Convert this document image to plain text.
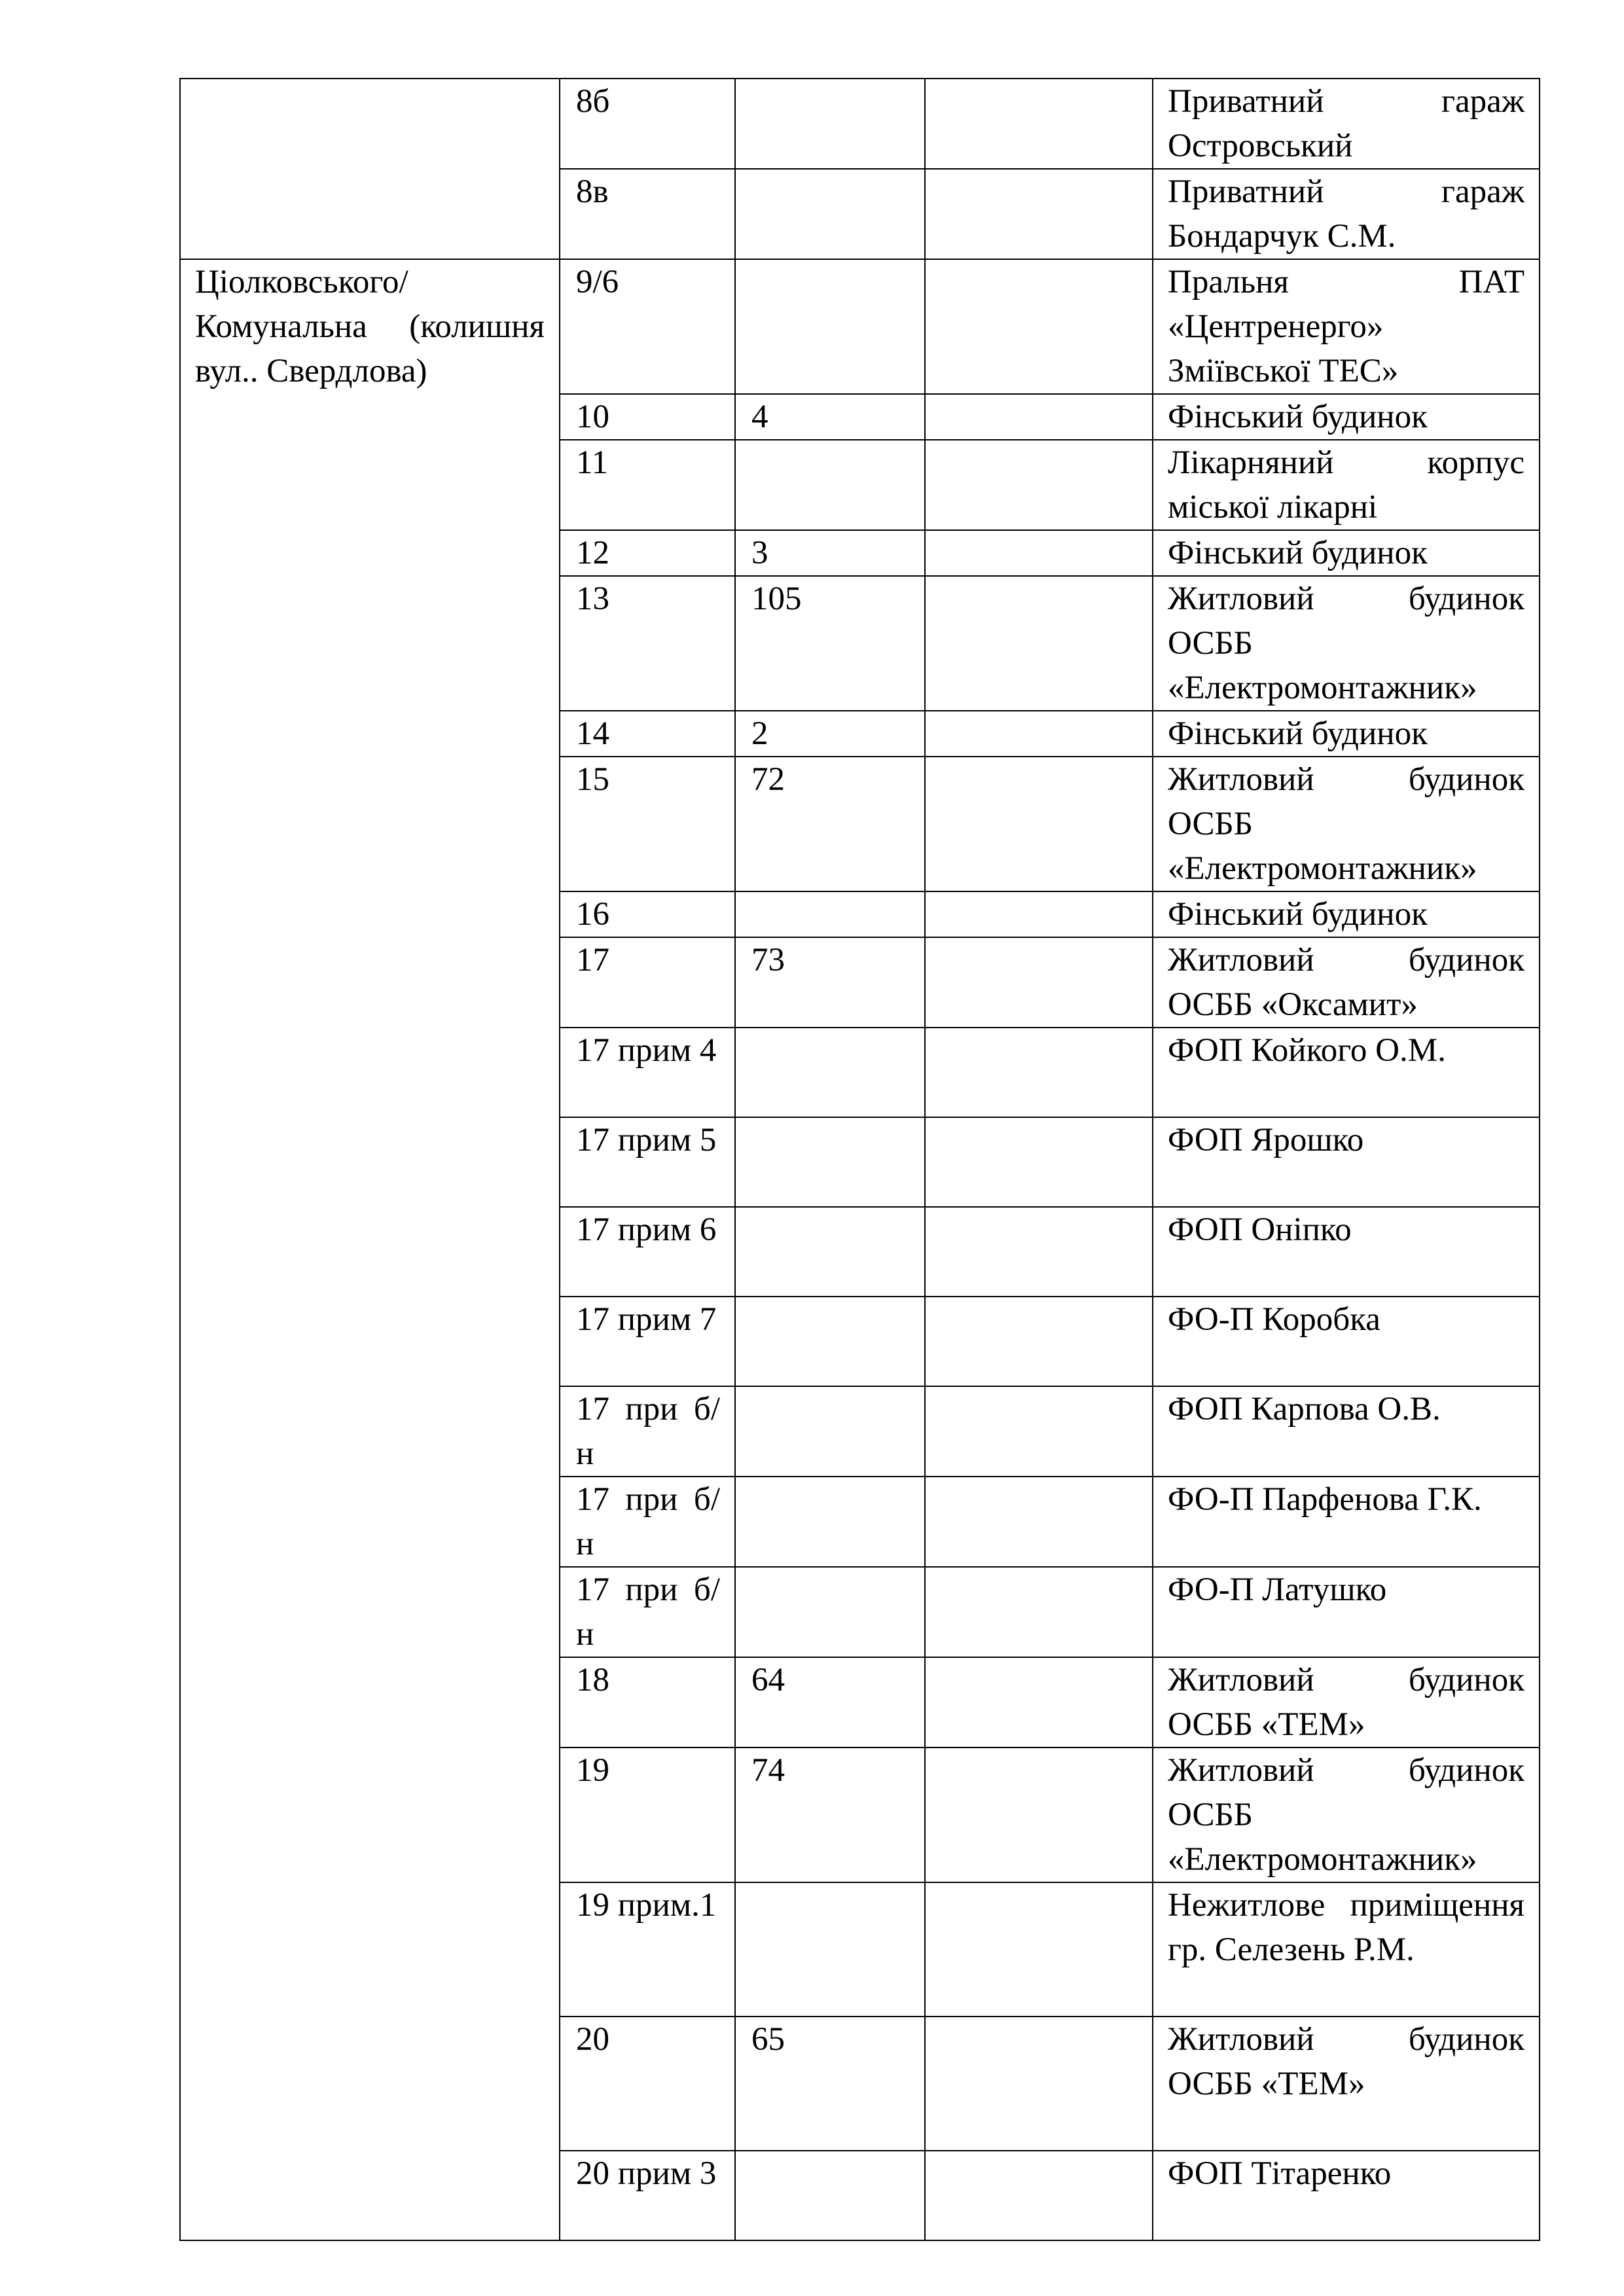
	8б			Приватний гараж Островський
	8в			Приватний гараж Бондарчук С.М.
Ціолковського/Комунальна (колишня вул.. Свердлова)	9/6			Пральня ПАТ «Центренерго» Зміївської ТЕС»
	10	4		Фінський будинок
	11			Лікарняний корпус міської лікарні
	12	3		Фінський будинок
	13	105		Житловий будинок ОСББ «Електромонтажник»
	14	2		Фінський будинок
	15	72		Житловий будинок ОСББ «Електромонтажник»
	16			Фінський будинок
	17	73		Житловий будинок ОСББ «Оксамит»
	17 прим 4			ФОП Койкого О.М.
	17 прим 5			ФОП Ярошко
	17 прим 6			ФОП Оніпко
	17 прим 7			ФО-П Коробка
	17 при б/н			ФОП Карпова О.В.
	17 при б/н			ФО-П Парфенова Г.К.
	17 при б/н			ФО-П Латушко
	18	64		Житловий будинок ОСББ «ТЕМ»
	19	74		Житловий будинок ОСББ «Електромонтажник»
	19 прим.1			Нежитлове приміщення гр. Селезень Р.М.
	20	65		Житловий будинок ОСББ «ТЕМ»
	20 прим 3			ФОП Тітаренко
